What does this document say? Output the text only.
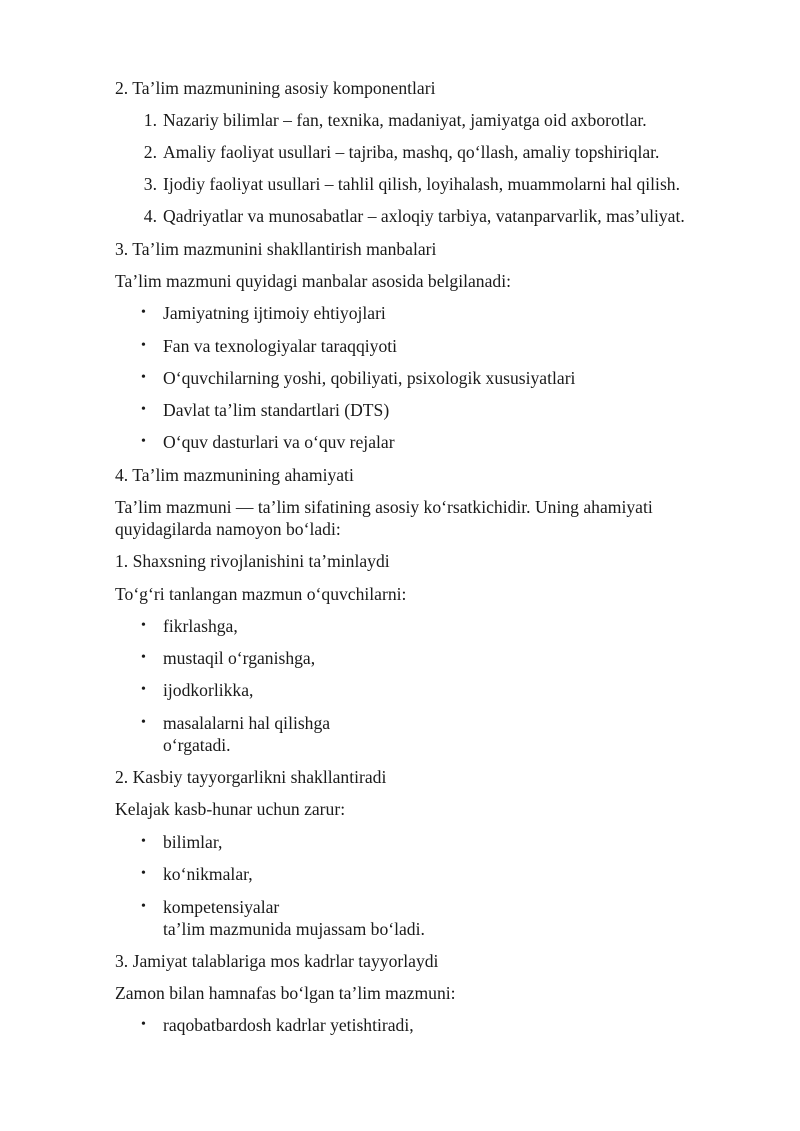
2. Ta’lim mazmunining asosiy komponentlari
1. Nazariy bilimlar – fan, texnika, madaniyat, jamiyatga oid axborotlar.
2. Amaliy faoliyat usullari – tajriba, mashq, qo‘llash, amaliy topshiriqlar.
3. Ijodiy faoliyat usullari – tahlil qilish, loyihalash, muammolarni hal qilish.
4. Qadriyatlar va munosabatlar – axloqiy tarbiya, vatanparvarlik, mas’uliyat.
3. Ta’lim mazmunini shakllantirish manbalari
Ta’lim mazmuni quyidagi manbalar asosida belgilanadi:
• Jamiyatning ijtimoiy ehtiyojlari
• Fan va texnologiyalar taraqqiyoti
• O‘quvchilarning yoshi, qobiliyati, psixologik xususiyatlari
• Davlat ta’lim standartlari (DTS)
• O‘quv dasturlari va o‘quv rejalar
4. Ta’lim mazmunining ahamiyati
Ta’lim mazmuni — ta’lim sifatining asosiy ko‘rsatkichidir. Uning ahamiyati quyidagilarda namoyon bo‘ladi:
1. Shaxsning rivojlanishini ta’minlaydi
To‘g‘ri tanlangan mazmun o‘quvchilarni:
• fikrlashga,
• mustaqil o‘rganishga,
• ijodkorlikka,
• masalalarni hal qilishga
o‘rgatadi.
2. Kasbiy tayyorgarlikni shakllantiradi
Kelajak kasb-hunar uchun zarur:
• bilimlar,
• ko‘nikmalar,
• kompetensiyalar
ta’lim mazmunida mujassam bo‘ladi.
3. Jamiyat talablariga mos kadrlar tayyorlaydi
Zamon bilan hamnafas bo‘lgan ta’lim mazmuni:
• raqobatbardosh kadrlar yetishtiradi,
